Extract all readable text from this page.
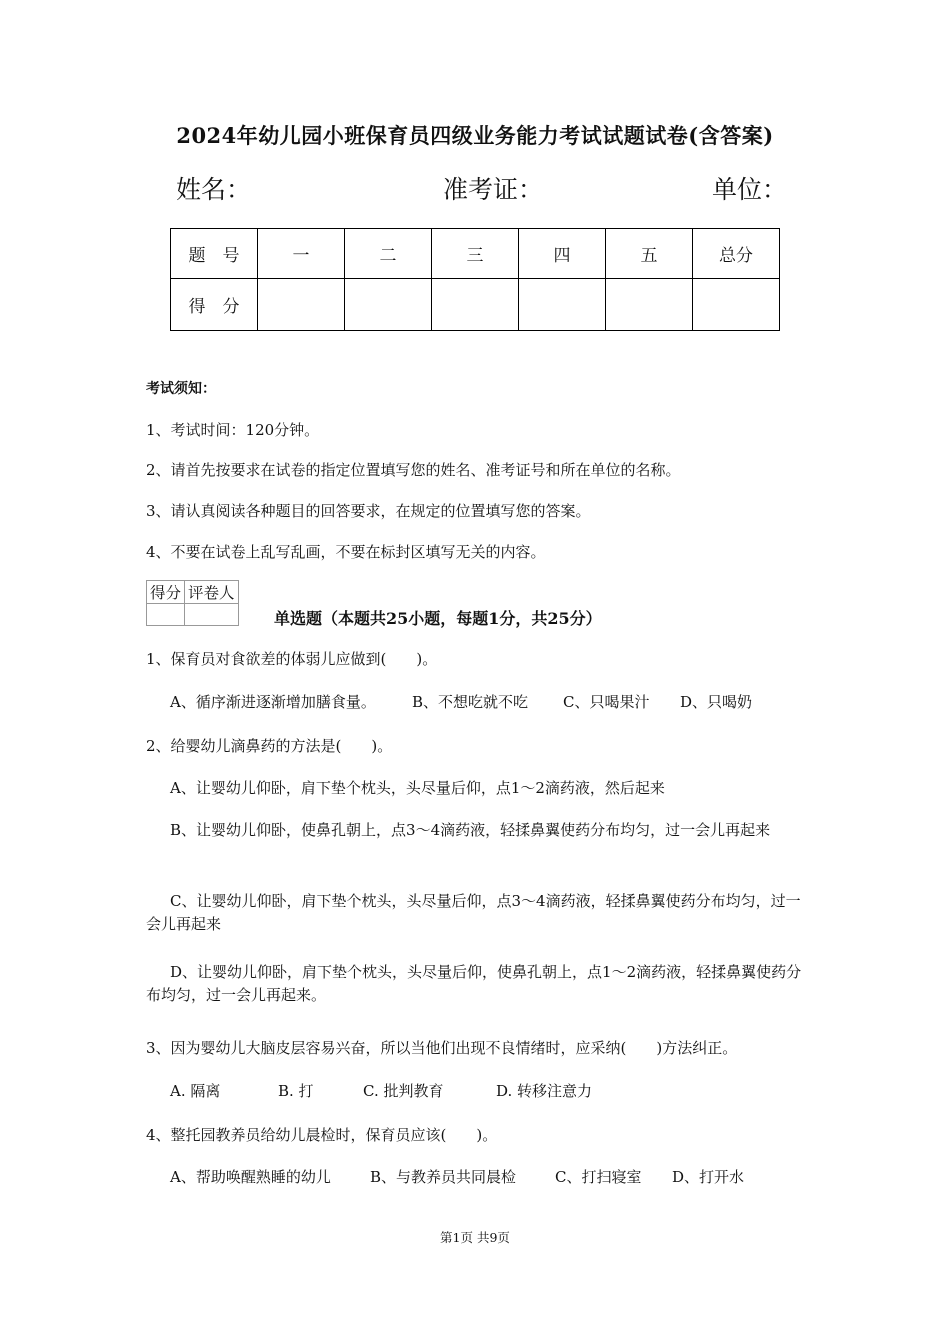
2024年幼儿园小班保育员四级业务能力考试试题试卷(含答案)
姓名：	准考证：	单位：
题　号	一	二	三	四	五	总分
得　分						
考试须知：
1、考试时间：120分钟。
2、请首先按要求在试卷的指定位置填写您的姓名、准考证号和所在单位的名称。
3、请认真阅读各种题目的回答要求，在规定的位置填写您的答案。
4、不要在试卷上乱写乱画，不要在标封区填写无关的内容。
得分	评卷人

单选题（本题共25小题，每题1分，共25分）
1、保育员对食欲差的体弱儿应做到(　　)。
A、循序渐进逐渐增加膳食量。 B、不想吃就不吃 C、只喝果汁 D、只喝奶
2、给婴幼儿滴鼻药的方法是(　　)。
A、让婴幼儿仰卧，肩下垫个枕头，头尽量后仰，点1～2滴药液，然后起来

B、让婴幼儿仰卧，使鼻孔朝上，点3～4滴药液，轻揉鼻翼使药分布均匀，过一会儿再起来

C、让婴幼儿仰卧，肩下垫个枕头，头尽量后仰，点3～4滴药液，轻揉鼻翼使药分布均匀，过一会儿再起来

D、让婴幼儿仰卧，肩下垫个枕头，头尽量后仰，使鼻孔朝上，点1～2滴药液，轻揉鼻翼使药分布均匀，过一会儿再起来。

3、因为婴幼儿大脑皮层容易兴奋，所以当他们出现不良情绪时，应采纳(　　)方法纠正。
A. 隔离	B. 打	C. 批判教育	D. 转移注意力
4、整托园教养员给幼儿晨检时，保育员应该(　　)。
A、帮助唤醒熟睡的幼儿	B、与教养员共同晨检	C、打扫寝室 D、打开水
第1页 共9页
